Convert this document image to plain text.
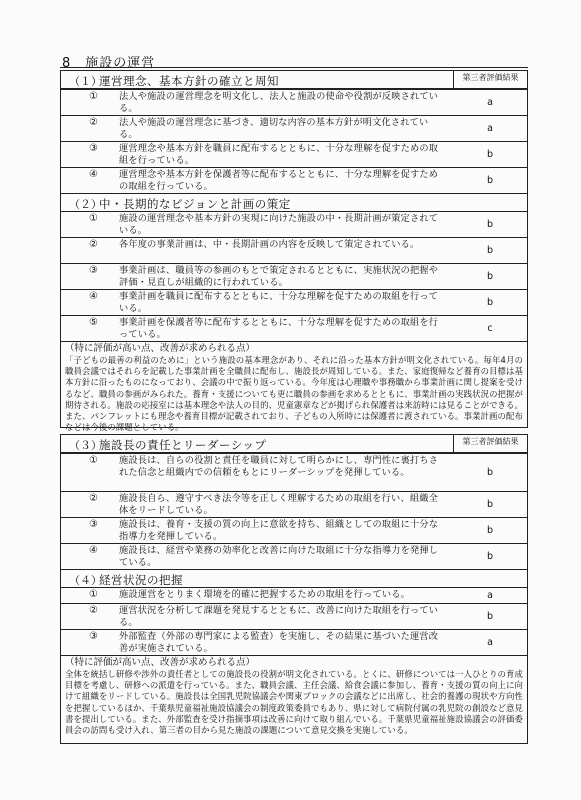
8　施設の運営
（１）
運営理念、基本方針の確立と周知	第三者評価結果
① 法人や施設の運営理念を明文化し、法人と施設の使命や役割が反映されている。
a
② 法人や施設の運営理念に基づき、適切な内容の基本方針が明文化されている。
a
③ 運営理念や基本方針を職員に配布するとともに、十分な理解を促すための取組を行っている。
b
④ 運営理念や基本方針を保護者等に配布するとともに、十分な理解を促すための取組を行っている。
b
（２）
中・長期的なビジョンと計画の策定
① 施設の運営理念や基本方針の実現に向けた施設の中・長期計画が策定されている。
b
② 各年度の事業計画は、中・長期計画の内容を反映して策定されている。
b
③ 事業計画は、職員等の参画のもとで策定されるとともに、実施状況の把握や評価・見直しが組織的に行われている。
b
④ 事業計画を職員に配布するとともに、十分な理解を促すための取組を行っている。
b
⑤ 事業計画を保護者等に配布するとともに、十分な理解を促すための取組を行っている。
c
（特に評価が高い点、改善が求められる点）
「子どもの最善の利益のために」という施設の基本理念があり、それに沿った基本方針が明文化されている。毎年4月の職員会議ではそれらを記載した事業計画を全職員に配布し、施設長が周知している。また、家庭復帰など養育の目標は基本方針に沿ったものになっており、会議の中で振り返っている。今年度は心理職や事務職から事業計画に関し提案を受けるなど、職員の参画がみられた。養育・支援についても更に職員の参画を求めるとともに、事業計画の実践状況の把握が期待される。施設の応接室には基本理念や法人の目的、児童憲章などが掲げられ保護者は来訪時には見ることができる。また、パンフレットにも理念や養育目標が記載されており、子どもの入所時には保護者に渡されている。事業計画の配布などは今後の課題としている。
（３）
施設長の責任とリーダーシップ	第三者評価結果
① 施設長は、自らの役割と責任を職員に対して明らかにし、専門性に裏打ちされた信念と組織内での信頼をもとにリーダーシップを発揮している。	b
② 施設長自ら、遵守すべき法令等を正しく理解するための取組を行い、組織全体をリードしている。
b
③ 施設長は、養育・支援の質の向上に意欲を持ち、組織としての取組に十分な指導力を発揮している。
b
④ 施設長は、経営や業務の効率化と改善に向けた取組に十分な指導力を発揮している。
b
（４）
経営状況の把握
① 施設運営をとりまく環境を的確に把握するための取組を行っている。	a
② 運営状況を分析して課題を発見するとともに、改善に向けた取組を行っている。
b
③ 外部監査（外部の専門家による監査）を実施し、その結果に基づいた運営改善が実施されている。
a
（特に評価が高い点、改善が求められる点）
全体を統括し研修や渉外の責任者としての施設長の役割が明文化されている。とくに、研修については一人ひとりの育成目標を考慮し、研修への派遣を行っている。また、職員会議、主任会議、給食会議に参加し、養育・支援の質の向上に向けて組織をリードしている。施設長は全国乳児院協議会や関東ブロックの会議などに出席し、社会的養護の現状や方向性を把握しているほか、千葉県児童福祉施設協議会の制度政策委員でもあり、県に対して病院付属の乳児院の創設など意見書を提出している。また、外部監査を受け指摘事項は改善に向けて取り組んでいる。千葉県児童福祉施設協議会の評価委員会の訪問も受け入れ、第三者の目から見た施設の課題について意見交換を実施している。
